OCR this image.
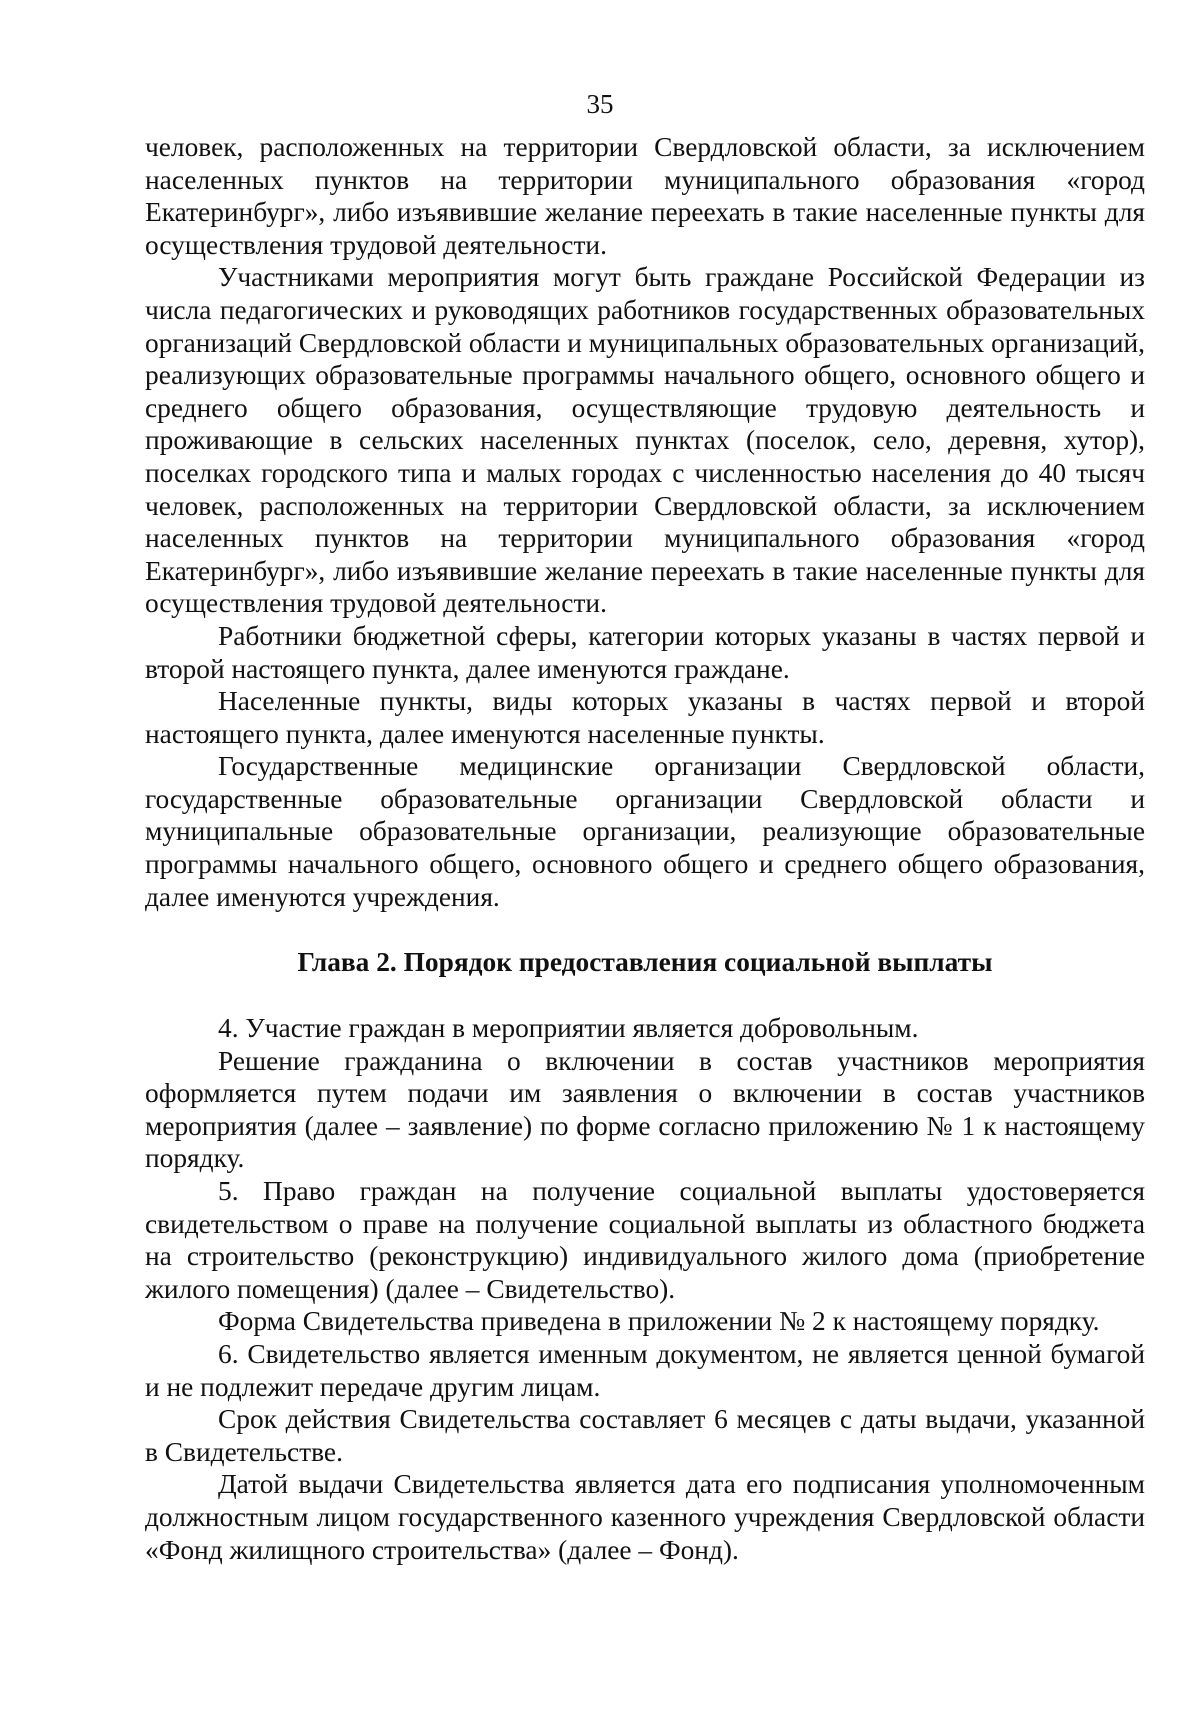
35

человек, расположенных на территории Свердловской области, за исключением населенных пунктов на территории муниципального образования «город Екатеринбург», либо изъявившие желание переехать в такие населенные пункты для осуществления трудовой деятельности.

Участниками мероприятия могут быть граждане Российской Федерации из числа педагогических и руководящих работников государственных образовательных организаций Свердловской области и муниципальных образовательных организаций, реализующих образовательные программы начального общего, основного общего и среднего общего образования, осуществляющие трудовую деятельность и проживающие в сельских населенных пунктах (поселок, село, деревня, хутор), поселках городского типа и малых городах с численностью населения до 40 тысяч человек, расположенных на территории Свердловской области, за исключением населенных пунктов на территории муниципального образования «город Екатеринбург», либо изъявившие желание переехать в такие населенные пункты для осуществления трудовой деятельности.

Работники бюджетной сферы, категории которых указаны в частях первой и второй настоящего пункта, далее именуются граждане.

Населенные пункты, виды которых указаны в частях первой и второй настоящего пункта, далее именуются населенные пункты.

Государственные медицинские организации Свердловской области, государственные образовательные организации Свердловской области и муниципальные образовательные организации, реализующие образовательные программы начального общего, основного общего и среднего общего образования, далее именуются учреждения.

Глава 2. Порядок предоставления социальной выплаты

4. Участие граждан в мероприятии является добровольным.

Решение гражданина о включении в состав участников мероприятия оформляется путем подачи им заявления о включении в состав участников мероприятия (далее – заявление) по форме согласно приложению № 1 к настоящему порядку.

5. Право граждан на получение социальной выплаты удостоверяется свидетельством о праве на получение социальной выплаты из областного бюджета на строительство (реконструкцию) индивидуального жилого дома (приобретение жилого помещения) (далее – Свидетельство).

Форма Свидетельства приведена в приложении № 2 к настоящему порядку.

6. Свидетельство является именным документом, не является ценной бумагой и не подлежит передаче другим лицам.

Срок действия Свидетельства составляет 6 месяцев с даты выдачи, указанной в Свидетельстве.

Датой выдачи Свидетельства является дата его подписания уполномоченным должностным лицом государственного казенного учреждения Свердловской области «Фонд жилищного строительства» (далее – Фонд).
